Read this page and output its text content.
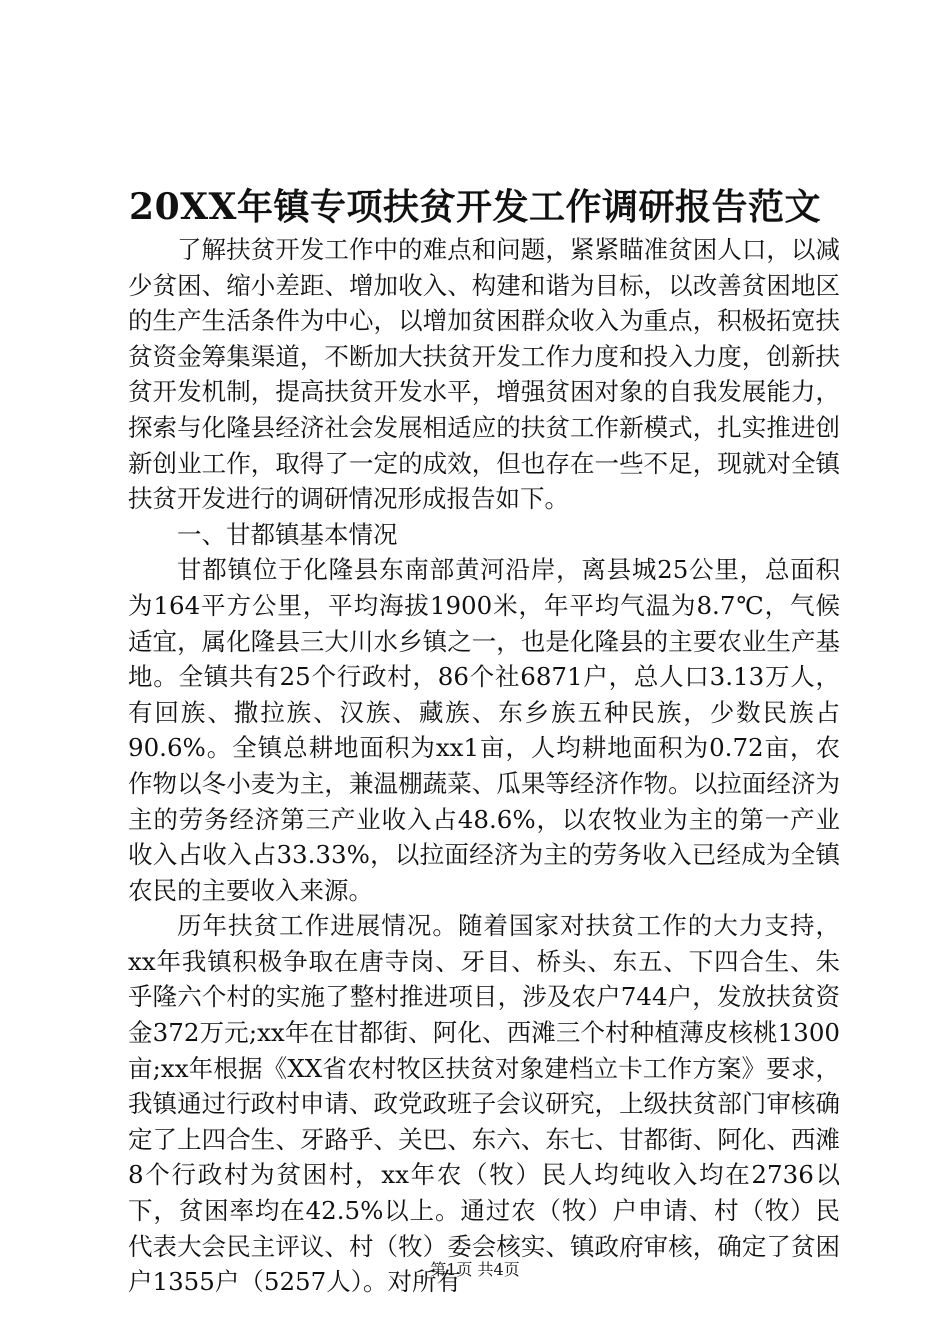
20XX年镇专项扶贫开发工作调研报告范文

了解扶贫开发工作中的难点和问题，紧紧瞄准贫困人口，以减少贫困、缩小差距、增加收入、构建和谐为目标，以改善贫困地区的生产生活条件为中心，以增加贫困群众收入为重点，积极拓宽扶贫资金筹集渠道，不断加大扶贫开发工作力度和投入力度，创新扶贫开发机制，提高扶贫开发水平，增强贫困对象的自我发展能力，探索与化隆县经济社会发展相适应的扶贫工作新模式，扎实推进创新创业工作，取得了一定的成效，但也存在一些不足，现就对全镇扶贫开发进行的调研情况形成报告如下。

一、甘都镇基本情况

甘都镇位于化隆县东南部黄河沿岸，离县城25公里，总面积为164平方公里，平均海拔1900米，年平均气温为8.7℃，气候适宜，属化隆县三大川水乡镇之一，也是化隆县的主要农业生产基地。全镇共有25个行政村，86个社6871户，总人口3.13万人，有回族、撒拉族、汉族、藏族、东乡族五种民族，少数民族占90.6%。全镇总耕地面积为xx1亩，人均耕地面积为0.72亩，农作物以冬小麦为主，兼温棚蔬菜、瓜果等经济作物。以拉面经济为主的劳务经济第三产业收入占48.6%，以农牧业为主的第一产业收入占收入占33.33%，以拉面经济为主的劳务收入已经成为全镇农民的主要收入来源。

历年扶贫工作进展情况。随着国家对扶贫工作的大力支持，xx年我镇积极争取在唐寺岗、牙目、桥头、东五、下四合生、朱乎隆六个村的实施了整村推进项目，涉及农户744户，发放扶贫资金372万元;xx年在甘都街、阿化、西滩三个村种植薄皮核桃1300亩;xx年根据《XX省农村牧区扶贫对象建档立卡工作方案》要求，我镇通过行政村申请、政党政班子会议研究，上级扶贫部门审核确定了上四合生、牙路乎、关巴、东六、东七、甘都街、阿化、西滩8个行政村为贫困村，xx年农（牧）民人均纯收入均在2736以下，贫困率均在42.5%以上。通过农（牧）户申请、村（牧）民代表大会民主评议、村（牧）委会核实、镇政府审核，确定了贫困户1355户（5257人）。对所有

第1页 共4页
